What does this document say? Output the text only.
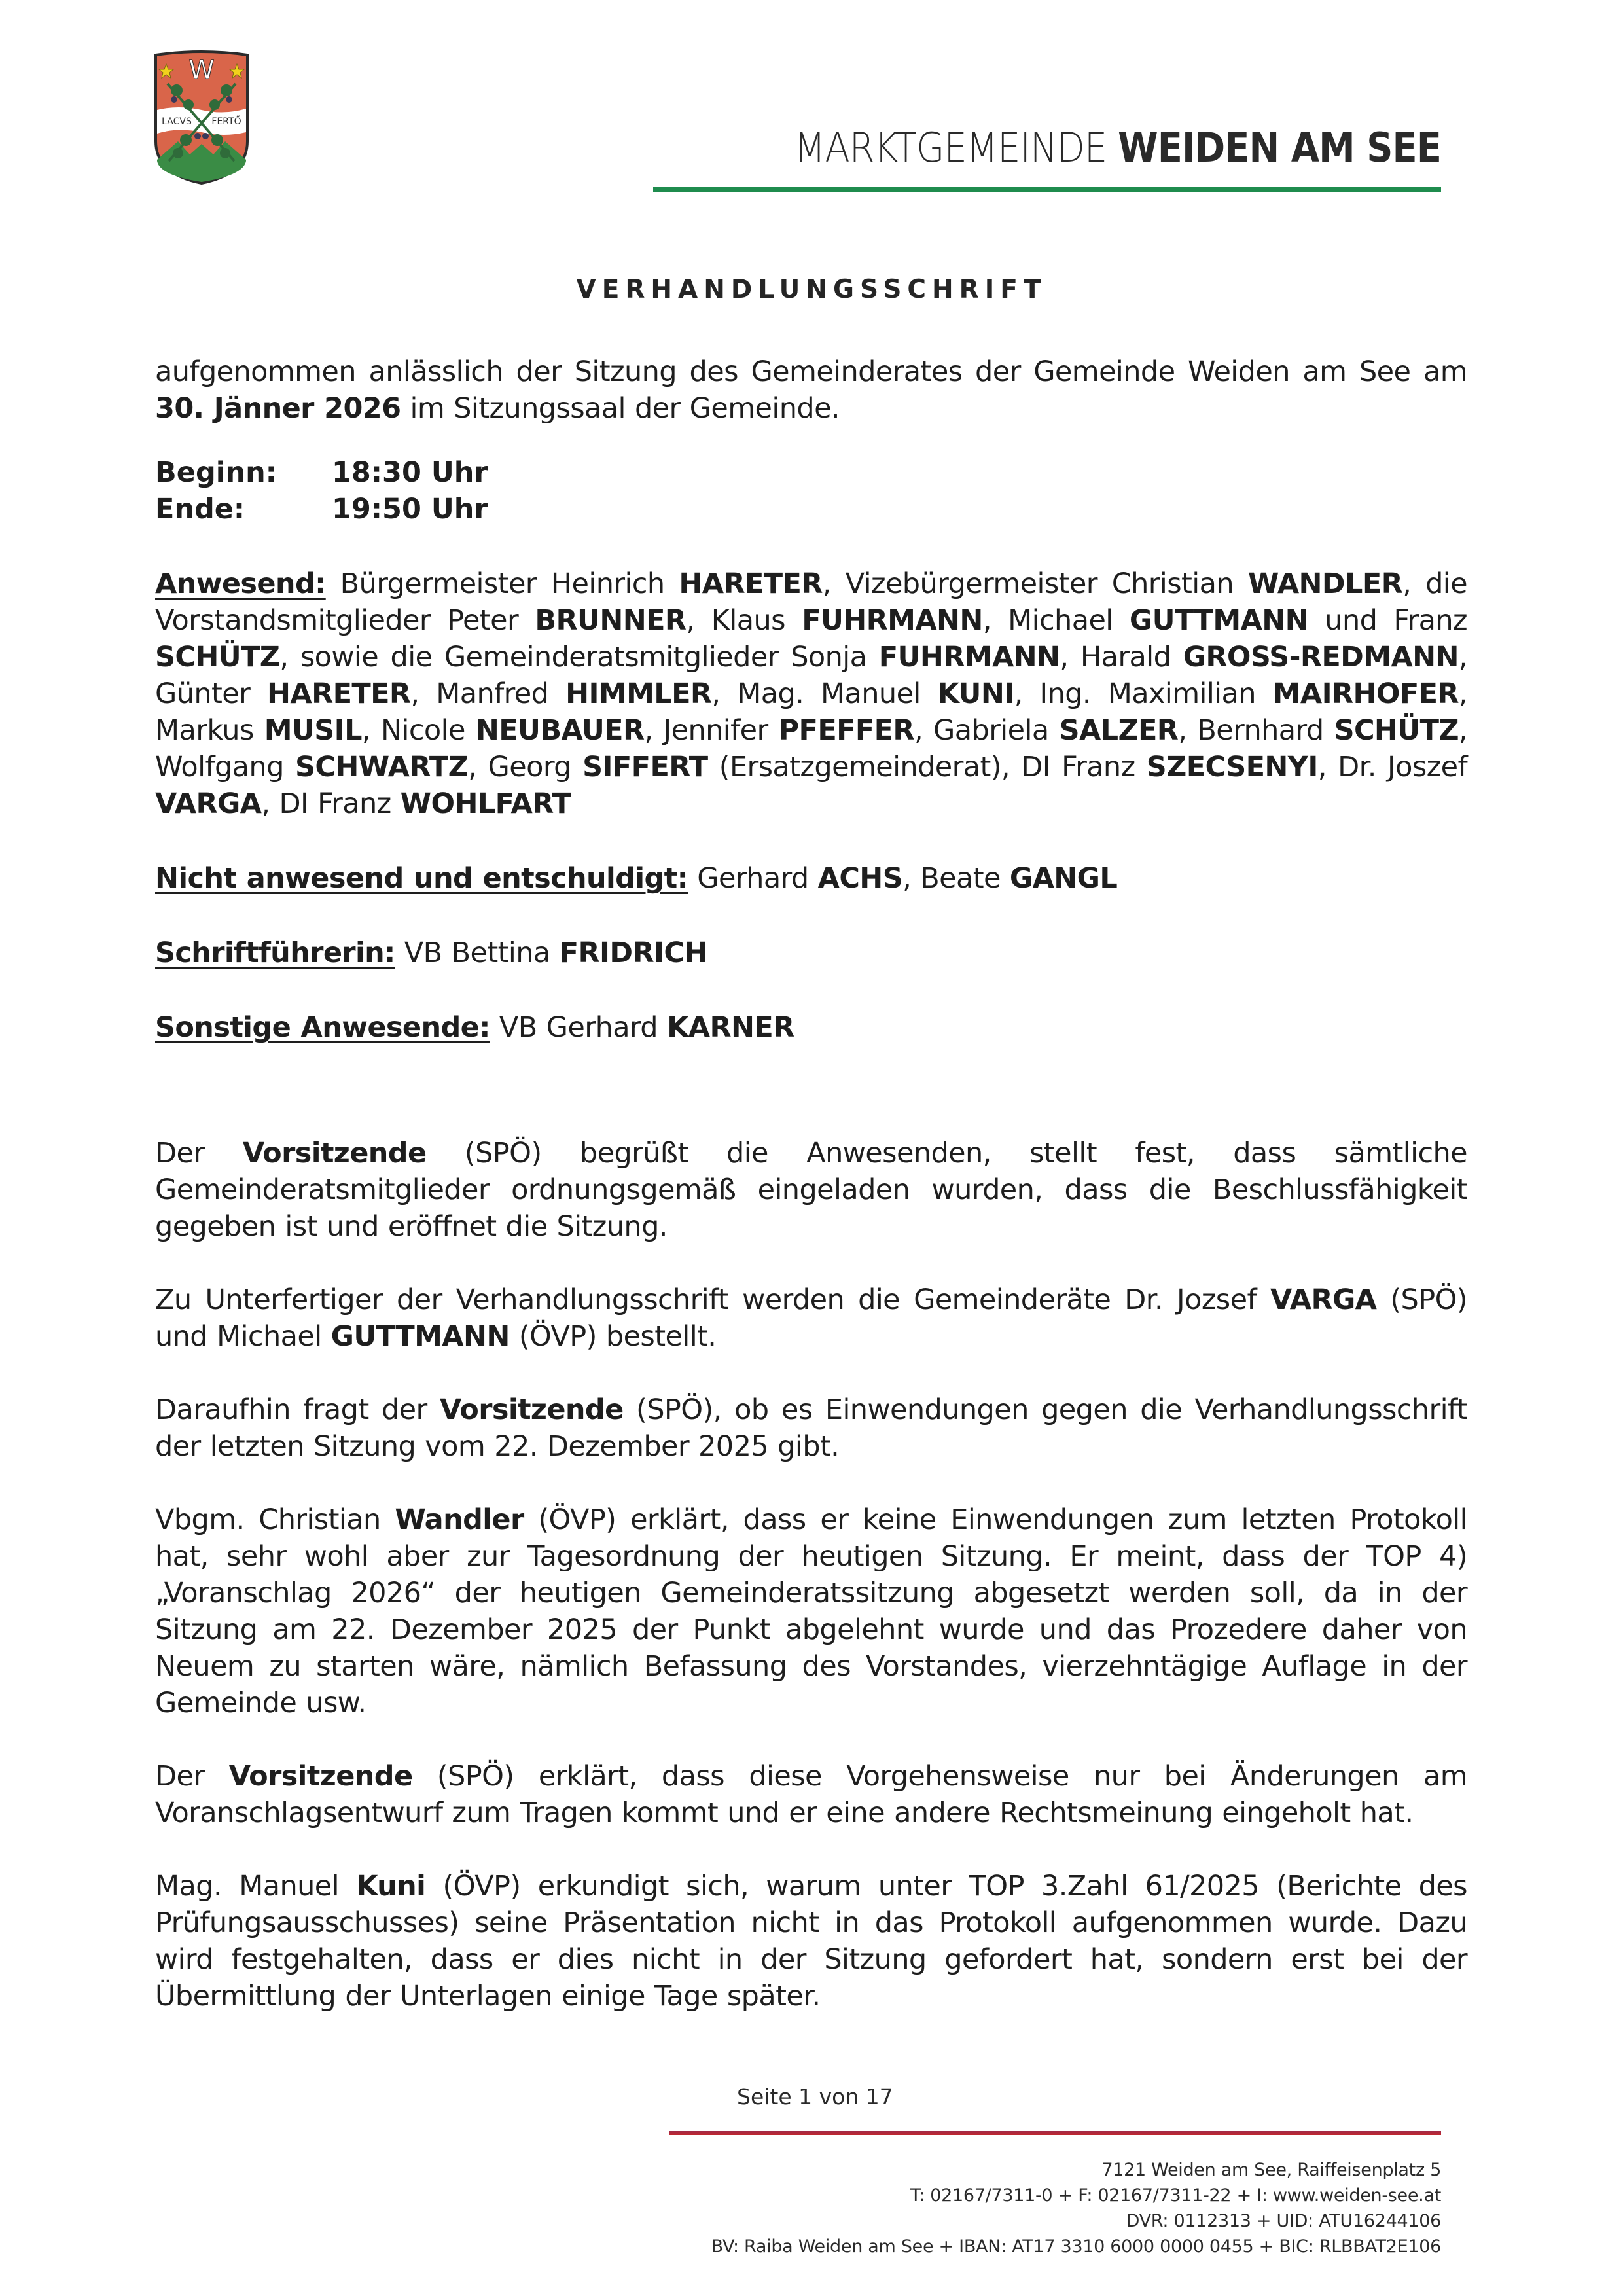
W
LACVS FERTŐ
MARKTGEMEINDE WEIDEN AM SEE
VERHANDLUNGSSCHRIFT

aufgenommen anlässlich der Sitzung des Gemeinderates der Gemeinde Weiden am See am 30. Jänner 2026 im Sitzungssaal der Gemeinde.

Beginn:	18:30 Uhr
Ende:	19:50 Uhr

Anwesend: Bürgermeister Heinrich HARETER, Vizebürgermeister Christian WANDLER, die Vorstandsmitglieder Peter BRUNNER, Klaus FUHRMANN, Michael GUTTMANN und Franz SCHÜTZ, sowie die Gemeinderatsmitglieder Sonja FUHRMANN, Harald GROSS-REDMANN, Günter HARETER, Manfred HIMMLER, Mag. Manuel KUNI, Ing. Maximilian MAIRHOFER, Markus MUSIL, Nicole NEUBAUER, Jennifer PFEFFER, Gabriela SALZER, Bernhard SCHÜTZ, Wolfgang SCHWARTZ, Georg SIFFERT (Ersatzgemeinderat), DI Franz SZECSENYI, Dr. Joszef VARGA, DI Franz WOHLFART

Nicht anwesend und entschuldigt: Gerhard ACHS, Beate GANGL

Schriftführerin: VB Bettina FRIDRICH

Sonstige Anwesende: VB Gerhard KARNER

Der Vorsitzende (SPÖ) begrüßt die Anwesenden, stellt fest, dass sämtliche Gemeinderatsmitglieder ordnungsgemäß eingeladen wurden, dass die Beschlussfähigkeit gegeben ist und eröffnet die Sitzung.

Zu Unterfertiger der Verhandlungsschrift werden die Gemeinderäte Dr. Jozsef VARGA (SPÖ) und Michael GUTTMANN (ÖVP) bestellt.

Daraufhin fragt der Vorsitzende (SPÖ), ob es Einwendungen gegen die Verhandlungsschrift der letzten Sitzung vom 22. Dezember 2025 gibt.

Vbgm. Christian Wandler (ÖVP) erklärt, dass er keine Einwendungen zum letzten Protokoll hat, sehr wohl aber zur Tagesordnung der heutigen Sitzung. Er meint, dass der TOP 4) „Voranschlag 2026“ der heutigen Gemeinderatssitzung abgesetzt werden soll, da in der Sitzung am 22. Dezember 2025 der Punkt abgelehnt wurde und das Prozedere daher von Neuem zu starten wäre, nämlich Befassung des Vorstandes, vierzehntägige Auflage in der Gemeinde usw.

Der Vorsitzende (SPÖ) erklärt, dass diese Vorgehensweise nur bei Änderungen am Voranschlagsentwurf zum Tragen kommt und er eine andere Rechtsmeinung eingeholt hat.

Mag. Manuel Kuni (ÖVP) erkundigt sich, warum unter TOP 3.Zahl 61/2025 (Berichte des Prüfungsausschusses) seine Präsentation nicht in das Protokoll aufgenommen wurde. Dazu wird festgehalten, dass er dies nicht in der Sitzung gefordert hat, sondern erst bei der Übermittlung der Unterlagen einige Tage später.

Seite 1 von 17
7121 Weiden am See, Raiffeisenplatz 5
T: 02167/7311-0 + F: 02167/7311-22 + I: www.weiden-see.at
DVR: 0112313 + UID: ATU16244106
BV: Raiba Weiden am See + IBAN: AT17 3310 6000 0000 0455 + BIC: RLBBAT2E106
